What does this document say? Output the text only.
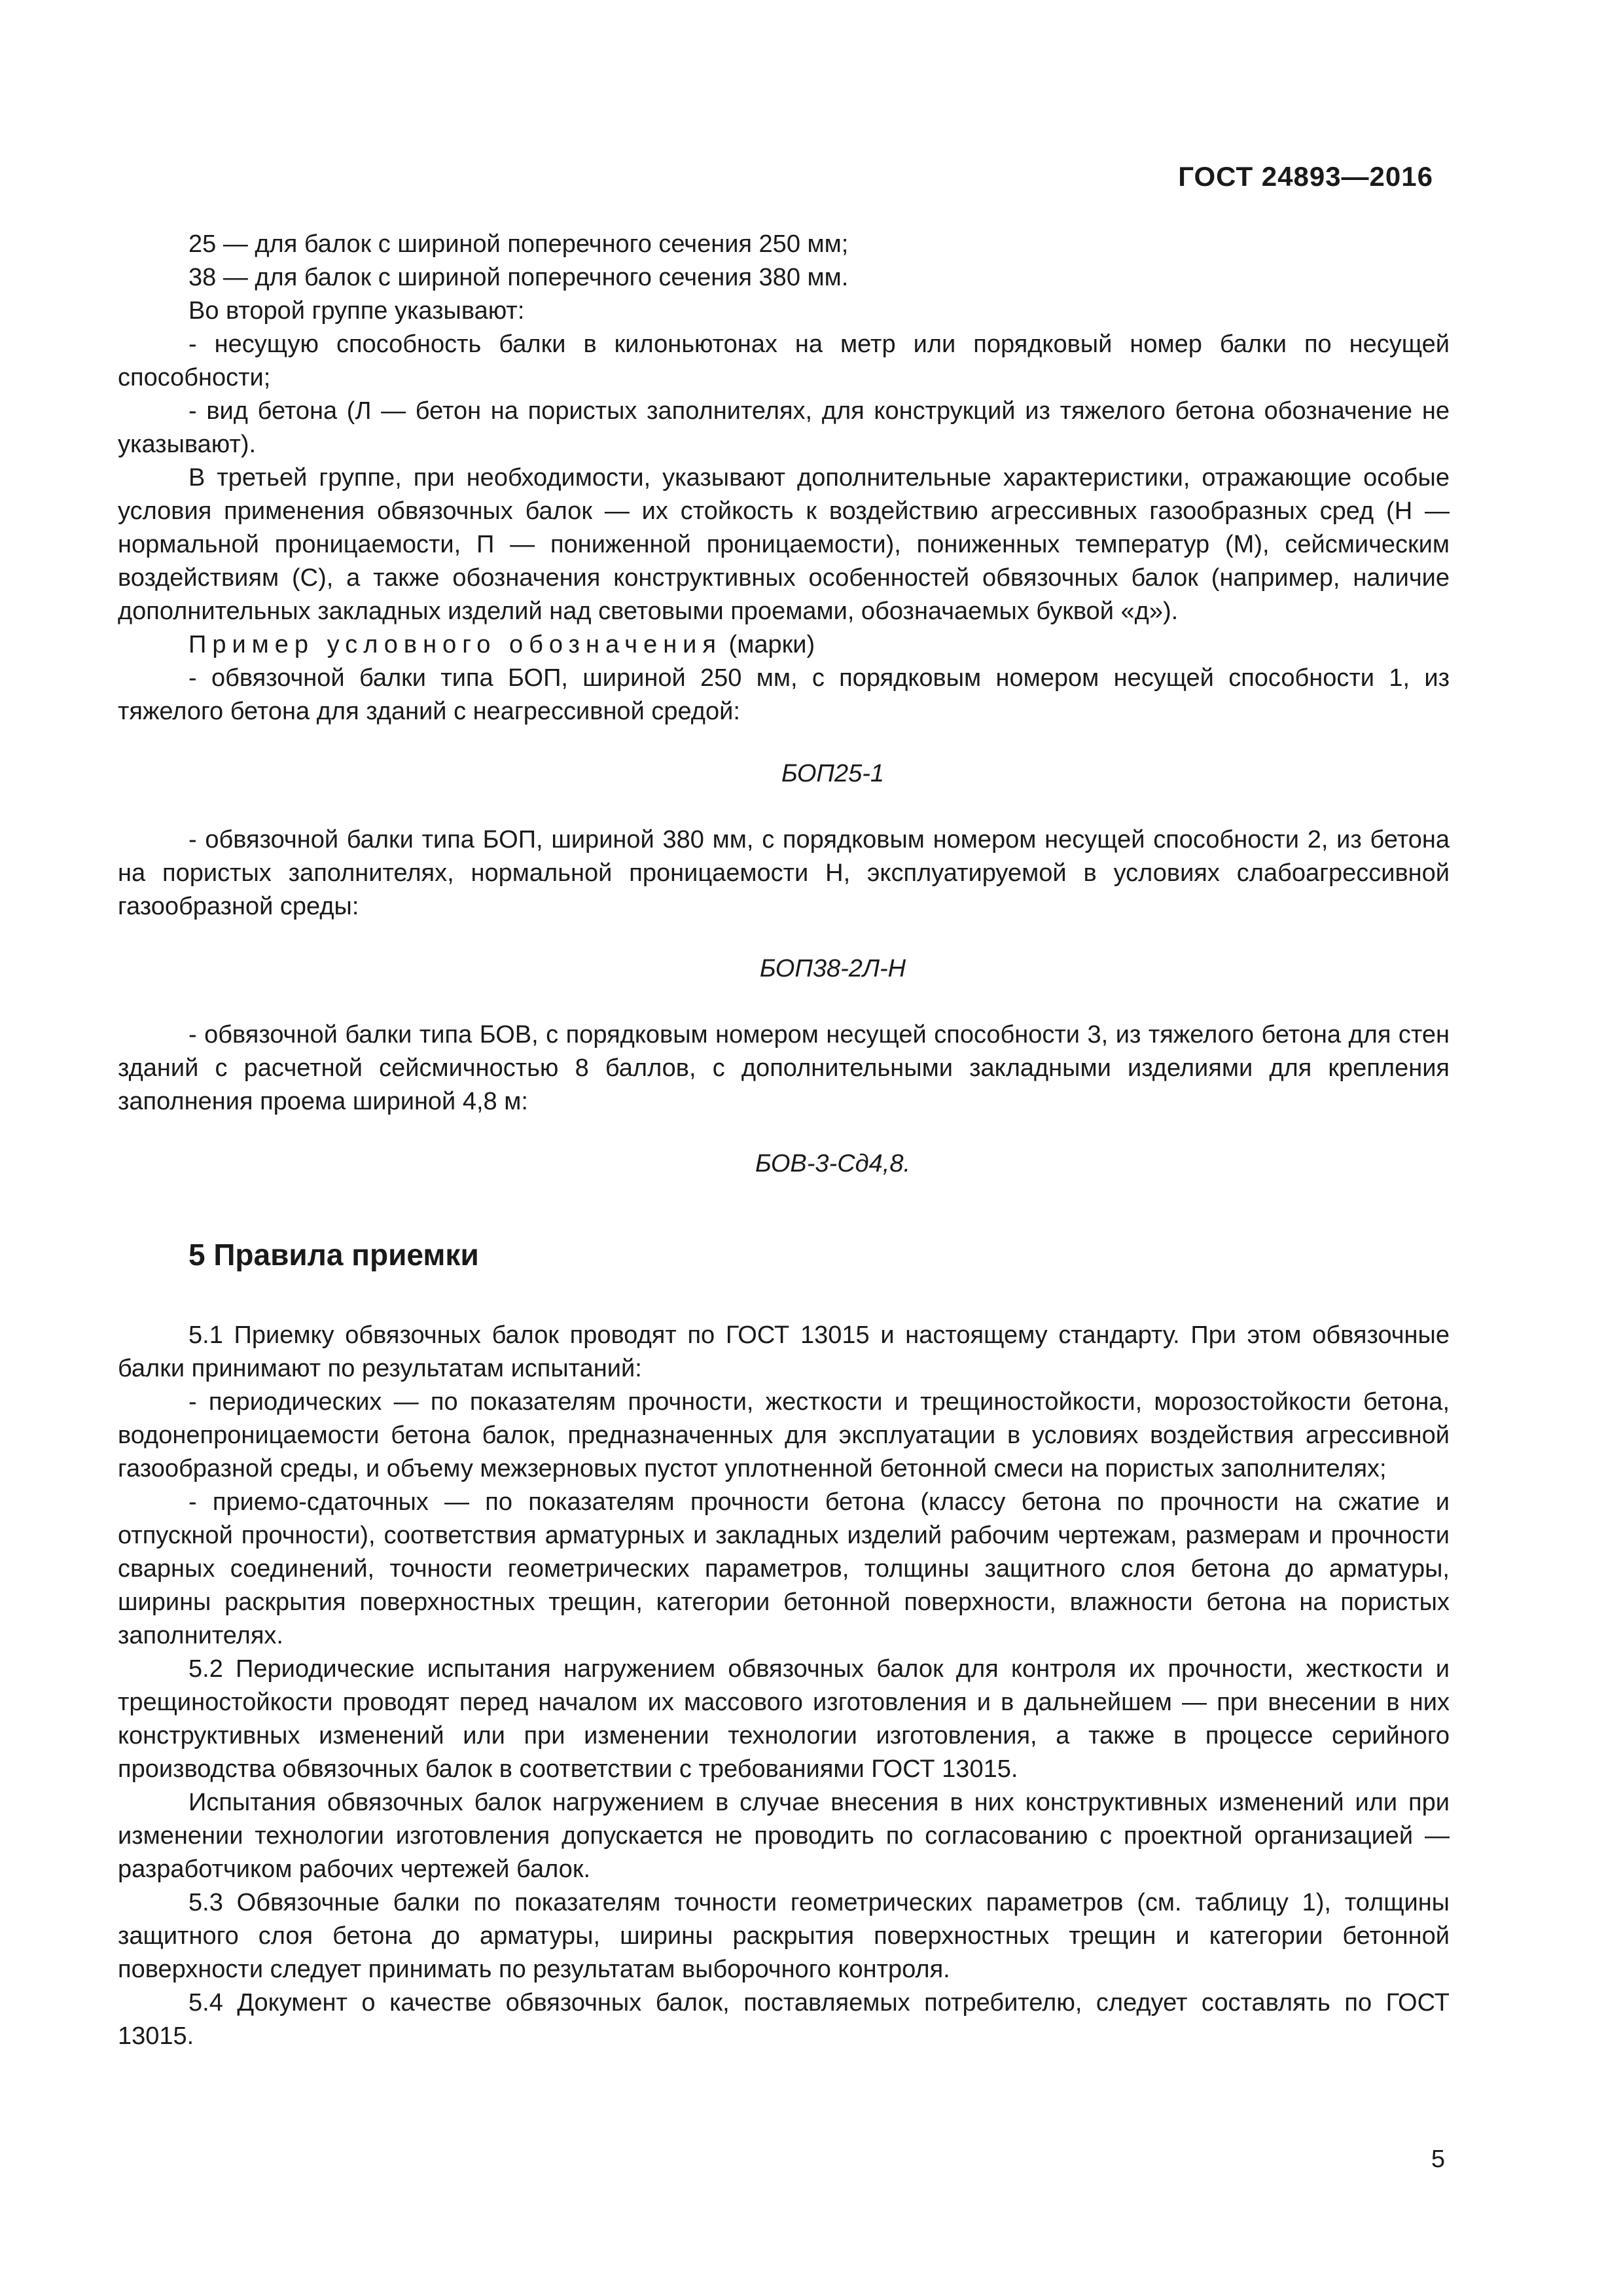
ГОСТ 24893—2016

25 — для балок с шириной поперечного сечения 250 мм;

38 — для балок с шириной поперечного сечения 380 мм.

Во второй группе указывают:

- несущую способность балки в килоньютонах на метр или порядковый номер балки по несущей способности;

- вид бетона (Л — бетон на пористых заполнителях, для конструкций из тяжелого бетона обозначение не указывают).

В третьей группе, при необходимости, указывают дополнительные характеристики, отражающие особые условия применения обвязочных балок — их стойкость к воздействию агрессивных газообразных сред (Н — нормальной проницаемости, П — пониженной проницаемости), пониженных температур (М), сейсмическим воздействиям (С), а также обозначения конструктивных особенностей обвязочных балок (например, наличие дополнительных закладных изделий над световыми проемами, обозначаемых буквой «д»).

Пример условного обозначения (марки)

- обвязочной балки типа БОП, шириной 250 мм, с порядковым номером несущей способности 1, из тяжелого бетона для зданий с неагрессивной средой:

БОП25-1

- обвязочной балки типа БОП, шириной 380 мм, с порядковым номером несущей способности 2, из бетона на пористых заполнителях, нормальной проницаемости Н, эксплуатируемой в условиях слабоагрессивной газообразной среды:

БОП38-2Л-Н

- обвязочной балки типа БОВ, с порядковым номером несущей способности 3, из тяжелого бетона для стен зданий с расчетной сейсмичностью 8 баллов, с дополнительными закладными изделиями для крепления заполнения проема шириной 4,8 м:

БОВ-3-Сд4,8.

5 Правила приемки

5.1 Приемку обвязочных балок проводят по ГОСТ 13015 и настоящему стандарту. При этом обвязочные балки принимают по результатам испытаний:

- периодических — по показателям прочности, жесткости и трещиностойкости, морозостойкости бетона, водонепроницаемости бетона балок, предназначенных для эксплуатации в условиях воздействия агрессивной газообразной среды, и объему межзерновых пустот уплотненной бетонной смеси на пористых заполнителях;

- приемо-сдаточных — по показателям прочности бетона (классу бетона по прочности на сжатие и отпускной прочности), соответствия арматурных и закладных изделий рабочим чертежам, размерам и прочности сварных соединений, точности геометрических параметров, толщины защитного слоя бетона до арматуры, ширины раскрытия поверхностных трещин, категории бетонной поверхности, влажности бетона на пористых заполнителях.

5.2 Периодические испытания нагружением обвязочных балок для контроля их прочности, жесткости и трещиностойкости проводят перед началом их массового изготовления и в дальнейшем — при внесении в них конструктивных изменений или при изменении технологии изготовления, а также в процессе серийного производства обвязочных балок в соответствии с требованиями ГОСТ 13015.

Испытания обвязочных балок нагружением в случае внесения в них конструктивных изменений или при изменении технологии изготовления допускается не проводить по согласованию с проектной организацией — разработчиком рабочих чертежей балок.

5.3 Обвязочные балки по показателям точности геометрических параметров (см. таблицу 1), толщины защитного слоя бетона до арматуры, ширины раскрытия поверхностных трещин и категории бетонной поверхности следует принимать по результатам выборочного контроля.

5.4 Документ о качестве обвязочных балок, поставляемых потребителю, следует составлять по ГОСТ 13015.

5
